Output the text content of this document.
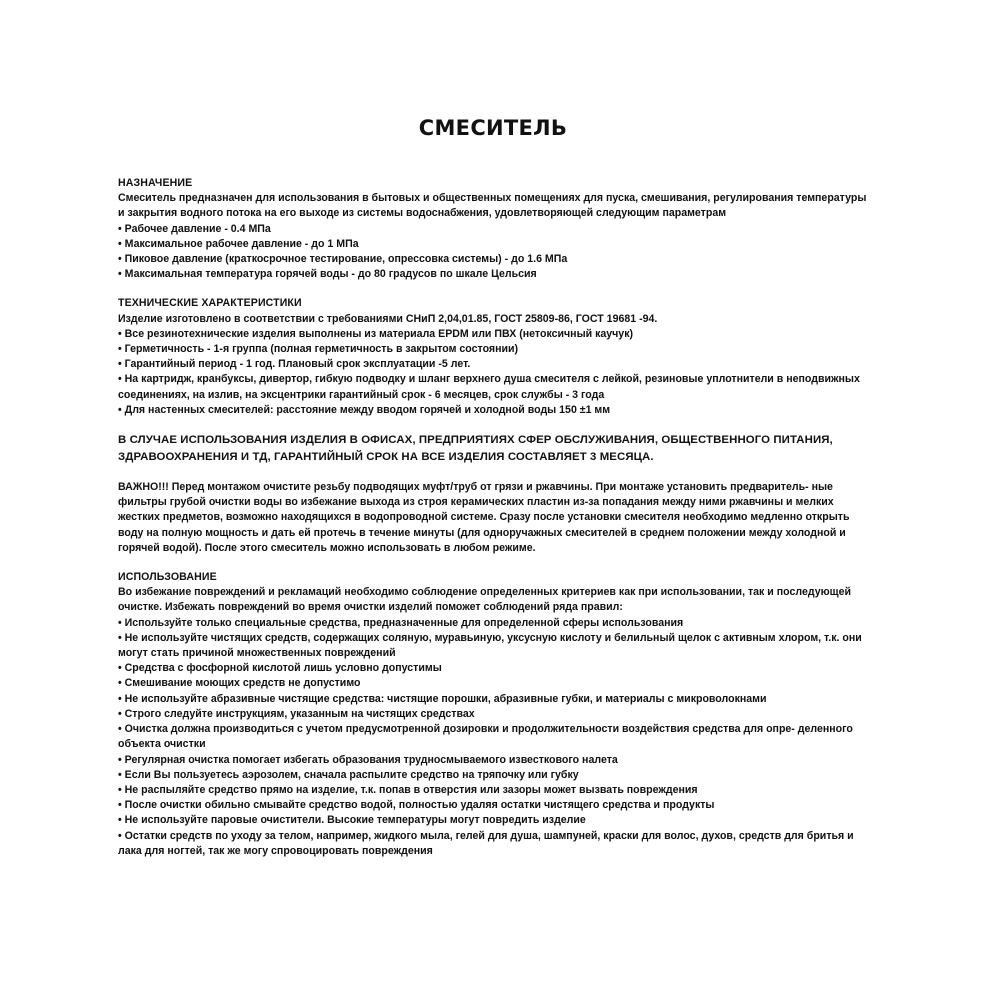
СМЕСИТЕЛЬ

НАЗНАЧЕНИЕ

Смеситель предназначен для использования в бытовых и общественных помещениях для пуска, смешивания, регулирования температуры и закрытия водного потока на его выходе из системы водоснабжения, удовлетворяющей следующим параметрам

• Рабочее давление - 0.4 МПа
• Максимальное рабочее давление - до 1 МПа
• Пиковое давление (краткосрочное тестирование, опрессовка системы) - до 1.6 МПа
• Максимальная температура горячей воды - до 80 градусов по шкале Цельсия

ТЕХНИЧЕСКИЕ ХАРАКТЕРИСТИКИ

Изделие изготовлено в соответствии с требованиями СНиП 2,04,01.85, ГОСТ 25809-86, ГОСТ 19681 -94.

• Все резинотехнические изделия выполнены из материала EPDM или ПВХ (нетоксичный каучук)
• Герметичность - 1-я группа (полная герметичность в закрытом состоянии)
• Гарантийный период - 1 год. Плановый срок эксплуатации -5 лет.
• На картридж, кранбуксы, дивертор, гибкую подводку и шланг верхнего душа смесителя с лейкой, резиновые уплотнители в неподвижных соединениях, на излив, на эксцентрики гарантийный срок - 6 месяцев, срок службы - 3 года
• Для настенных смесителей: расстояние между вводом горячей и холодной воды 150 ±1 мм

В СЛУЧАЕ ИСПОЛЬЗОВАНИЯ ИЗДЕЛИЯ В ОФИСАХ, ПРЕДПРИЯТИЯХ СФЕР ОБСЛУЖИВАНИЯ, ОБЩЕСТВЕННОГО ПИТАНИЯ, ЗДРАВООХРАНЕНИЯ И ТД, ГАРАНТИЙНЫЙ СРОК НА ВСЕ ИЗДЕЛИЯ СОСТАВЛЯЕТ 3 МЕСЯЦА.

ВАЖНО!!! Перед монтажом очистите резьбу подводящих муфт/труб от грязи и ржавчины. При монтаже установить предваритель- ные фильтры грубой очистки воды во избежание выхода из строя керамических пластин из-за попадания между ними ржавчины и мелких жестких предметов, возможно находящихся в водопроводной системе. Сразу после установки смесителя необходимо медленно открыть воду на полную мощность и дать ей протечь в течение минуты (для одноручажных смесителей в среднем положении между холодной и горячей водой). После этого смеситель можно использовать в любом режиме.

ИСПОЛЬЗОВАНИЕ

Во избежание повреждений и рекламаций необходимо соблюдение определенных критериев как при использовании, так и последующей очистке. Избежать повреждений во время очистки изделий поможет соблюдений ряда правил:

• Используйте только специальные средства, предназначенные для определенной сферы использования
• Не используйте чистящих средств, содержащих соляную, муравьиную, уксусную кислоту и белильный щелок с активным хлором, т.к. они могут стать причиной множественных повреждений
• Средства с фосфорной кислотой лишь условно допустимы
• Смешивание моющих средств не допустимо
• Не используйте абразивные чистящие средства: чистящие порошки, абразивные губки, и материалы с микроволокнами
• Строго следуйте инструкциям, указанным на чистящих средствах
• Очистка должна производиться с учетом предусмотренной дозировки и продолжительности воздействия средства для опре- деленного объекта очистки
• Регулярная очистка помогает избегать образования трудносмываемого известкового налета
• Если Вы пользуетесь аэрозолем, сначала распылите средство на тряпочку или губку
• Не распыляйте средство прямо на изделие, т.к. попав в отверстия или зазоры может вызвать повреждения
• После очистки обильно смывайте средство водой, полностью удаляя остатки чистящего средства и продукты
• Не используйте паровые очистители. Высокие температуры могут повредить изделие
• Остатки средств по уходу за телом, например, жидкого мыла, гелей для душа, шампуней, краски для волос, духов, средств для бритья и лака для ногтей, так же могу спровоцировать повреждения
